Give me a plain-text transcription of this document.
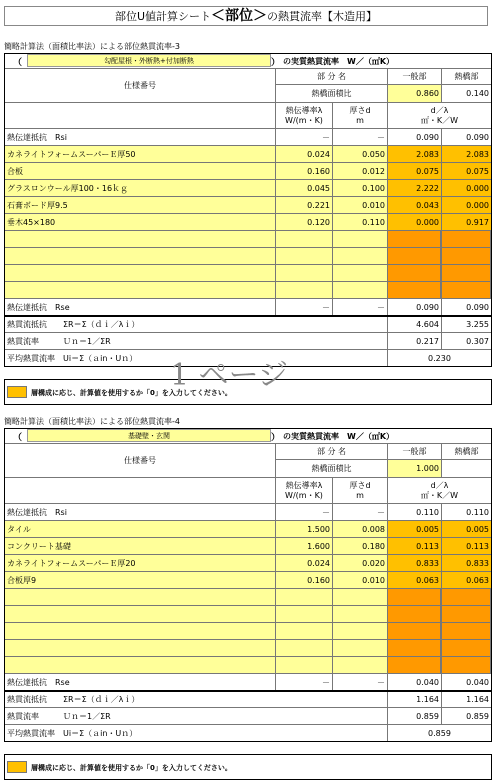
部位U値計算シート＜部位＞の熱貫流率【木造用】
簡略計算法（面積比率法）による部位熱貫流率-3
（	勾配屋根・外断熱+付加断熱	） の実質熱貫流率　W／（㎡K）
部 分 名	一般部	熱橋部
仕様番号
熱橋面積比	0.860	0.140
熱伝導率λ
W/(m・K)
厚さd
m
d／λ
㎡・K／W
熱伝達抵抗　Rsi	－	－	0.090	0.090
カネライトフォームスーパーＥ厚50	0.024	0.050	2.083	2.083
合板	0.160	0.012	0.075	0.075
グラスロンウール厚100・16ｋｇ	0.045	0.100	2.222	0.000
石膏ボード厚9.5	0.221	0.010	0.043	0.000
垂木45×180	0.120	0.110	0.000	0.917
熱伝達抵抗　Rse	－	－	0.090	0.090
熱貫流抵抗　　ΣR＝Σ（ｄｉ／λｉ）	4.604	3.255
熱貫流率　　　Ｕｎ＝1／ΣR	0.217	0.307
平均熱貫流率　Ui＝Σ（ａin・Uｎ）	0.230
層構成に応じ、計算値を使用するか「0」を入力してください。
1 ページ
簡略計算法（面積比率法）による部位熱貫流率-4
（	基礎壁・玄関	） の実質熱貫流率　W／（㎡K）
部 分 名	一般部	熱橋部
仕様番号
熱橋面積比	1.000
熱伝導率λ
W/(m・K)
厚さd
m
d／λ
㎡・K／W
熱伝達抵抗　Rsi	－	－	0.110	0.110
タイル	1.500	0.008	0.005	0.005
コンクリート基礎	1.600	0.180	0.113	0.113
カネライトフォームスーパーＥ厚20	0.024	0.020	0.833	0.833
合板厚9	0.160	0.010	0.063	0.063
熱伝達抵抗　Rse	－	－	0.040	0.040
熱貫流抵抗　　ΣR＝Σ（ｄｉ／λｉ）	1.164	1.164
熱貫流率　　　Ｕｎ＝1／ΣR	0.859	0.859
平均熱貫流率　Ui＝Σ（ａin・Uｎ）	0.859
層構成に応じ、計算値を使用するか「0」を入力してください。
